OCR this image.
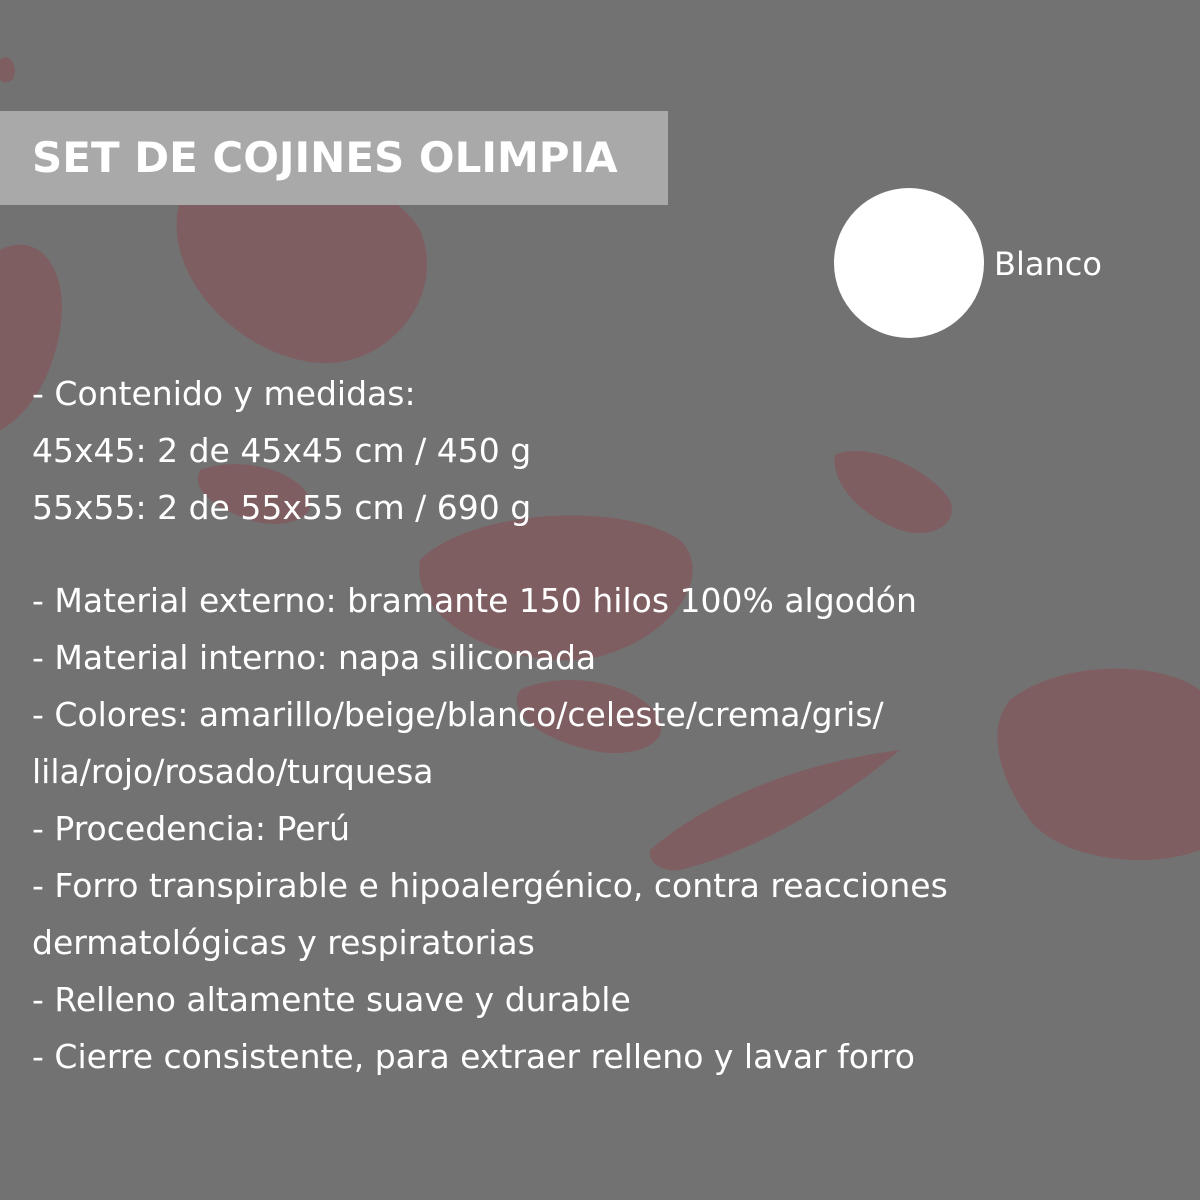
SET DE COJINES OLIMPIA
Blanco
- Contenido y medidas:
45x45: 2 de 45x45 cm / 450 g
55x55: 2 de 55x55 cm / 690 g
- Material externo: bramante 150 hilos 100% algodón
- Material interno: napa siliconada
- Colores: amarillo/beige/blanco/celeste/crema/gris/
lila/rojo/rosado/turquesa
- Procedencia: Perú
- Forro transpirable e hipoalergénico, contra reacciones
dermatológicas y respiratorias
- Relleno altamente suave y durable
- Cierre consistente, para extraer relleno y lavar forro
